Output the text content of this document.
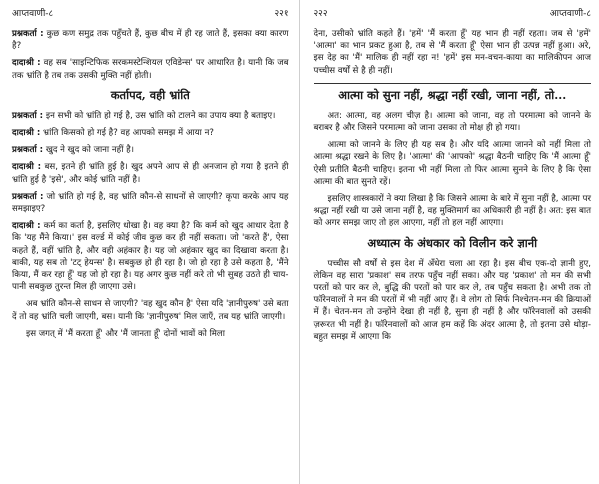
आप्तवाणी-८	२२१

प्रश्नकर्ता : कुछ कण समुद्र तक पहुँचते हैं, कुछ बीच में ही रह जाते हैं, इसका क्या कारण है?

दादाश्री : वह सब 'साइन्टिफिक सरकमस्टेन्शियल एविडेन्स' पर आधारित है। यानी कि जब तक भ्रांति है तब तक उसकी मुक्ति नहीं होती।

कर्तापद, वही भ्रांति

प्रश्नकर्ता : इन सभी को भ्रांति हो गई है, उस भ्रांति को टालने का उपाय क्या है बताइए।

दादाश्री : भ्रांति किसको हो गई है? वह आपको समझ में आया न?

प्रश्नकर्ता : खुद ने खुद को जाना नहीं है।

दादाश्री : बस, इतने ही भ्रांति हुई है। खुद अपने आप से ही अनजान हो गया है इतने ही भ्रांति हुई है 'इसे', और कोई भ्रांति नहीं है।

प्रश्नकर्ता : जो भ्रांति हो गई है, वह भ्रांति कौन-से साधनों से जाएगी? कृपा करके आप यह समझाइए?

दादाश्री : कर्म का कर्ता है, इसलिए धोखा है। वह क्या है? कि कर्म को खुद आधार देता है कि 'यह मैंने किया।' इस वर्ल्ड में कोई जीव कुछ कर ही नहीं सकता। जो 'करते हैं', ऐसा कहते हैं, वहीं भ्रांति है, और वही अहंकार है। यह जो अहंकार खुद का दिखावा करता है। बाकी, यह सब तो 'टट् हेयन्स' है। सबकुछ हो ही रहा है। जो हो रहा है उसे कहता है, 'मैंने किया, मैं कर रहा हूँ' यह जो हो रहा है। यह अगर कुछ नहीं करे तो भी सुबह उठते ही चाय-पानी सबकुछ तुरन्त मिल ही जाएगा उसे।

अब भ्रांति कौन-से साधन से जाएगी? 'वह खुद कौन है' ऐसा यदि 'ज्ञानीपुरुष' उसे बता दें तो वह भ्रांति चली जाएगी, बस। यानी कि 'ज्ञानीपुरुष' मिल जाएँ, तब यह भ्रांति जाएगी।

इस जगत् में 'मैं करता हूँ' और 'मैं जानता हूँ' दोनों भावों को मिला

२२२	आप्तवाणी-८

देना, उसीको भ्रांति कहते हैं। 'हमें' 'मैं करता हूँ' यह भान ही नहीं रहता। जब से 'हमें' 'आत्मा' का भान प्रकट हुआ है, तब से 'मैं करता हूँ' ऐसा भान ही उत्पन्न नहीं हुआ। अरे, इस देह का 'मैं' मालिक ही नहीं रहा न! 'हमें' इस मन-वचन-काया का मालिकीपन आज पच्चीस वर्षों से है ही नहीं।

आत्मा को सुना नहीं, श्रद्धा नहीं रखी, जाना नहीं, तो...

अत: आत्मा, वह अलग चीज़ है। आत्मा को जाना, वह तो परमात्मा को जानने के बराबर है और जिसने परमात्मा को जाना उसका तो मोक्ष ही हो गया।

आत्मा को जानने के लिए ही यह सब है। और यदि आत्मा जानने को नहीं मिला तो आत्मा श्रद्धा रखने के लिए है। 'आत्मा' की 'आपको' श्रद्धा बैठनी चाहिए कि 'मैं आत्मा हूँ' ऐसी प्रतीति बैठनी चाहिए। इतना भी नहीं मिला तो फिर आत्मा सुनने के लिए है कि ऐसा आत्मा की बात सुनते रहें।

इसलिए शास्त्रकारों ने क्या लिखा है कि जिसने आत्मा के बारे में सुना नहीं है, आत्मा पर श्रद्धा नहीं रखी या उसे जाना नहीं है, वह मुक्तिमार्ग का अधिकारी ही नहीं है। अत: इस बात को अगर समझ जाए तो हल आएगा, नहीं तो हल नहीं आएगा।

अध्यात्म के अंधकार को विलीन करे ज्ञानी

पच्चीस सौ वर्षों से इस देश में अँधेरा चला आ रहा है। इस बीच एक-दो ज्ञानी हुए, लेकिन वह सारा 'प्रकाश' सब तरफ पहुँच नहीं सका। और यह 'प्रकाश' तो मन की सभी परतों को पार कर ले, बुद्धि की परतों को पार कर ले, तब पहुँच सकता है। अभी तक तो फॉरेनवालों ने मन की परतों में भी नहीं आए हैं। वे लोग तो सिर्फ निश्चेतन-मन की क्रियाओं में हैं। चेतन-मन तो उन्होंने देखा ही नहीं है, सुना ही नहीं है और फॉरेनवालों को उसकी ज़रूरत भी नहीं है। फॉरेनवालों को आज हम कहें कि अंदर आत्मा है, तो इतना उसे थोड़ा-बहुत समझ में आएगा कि
